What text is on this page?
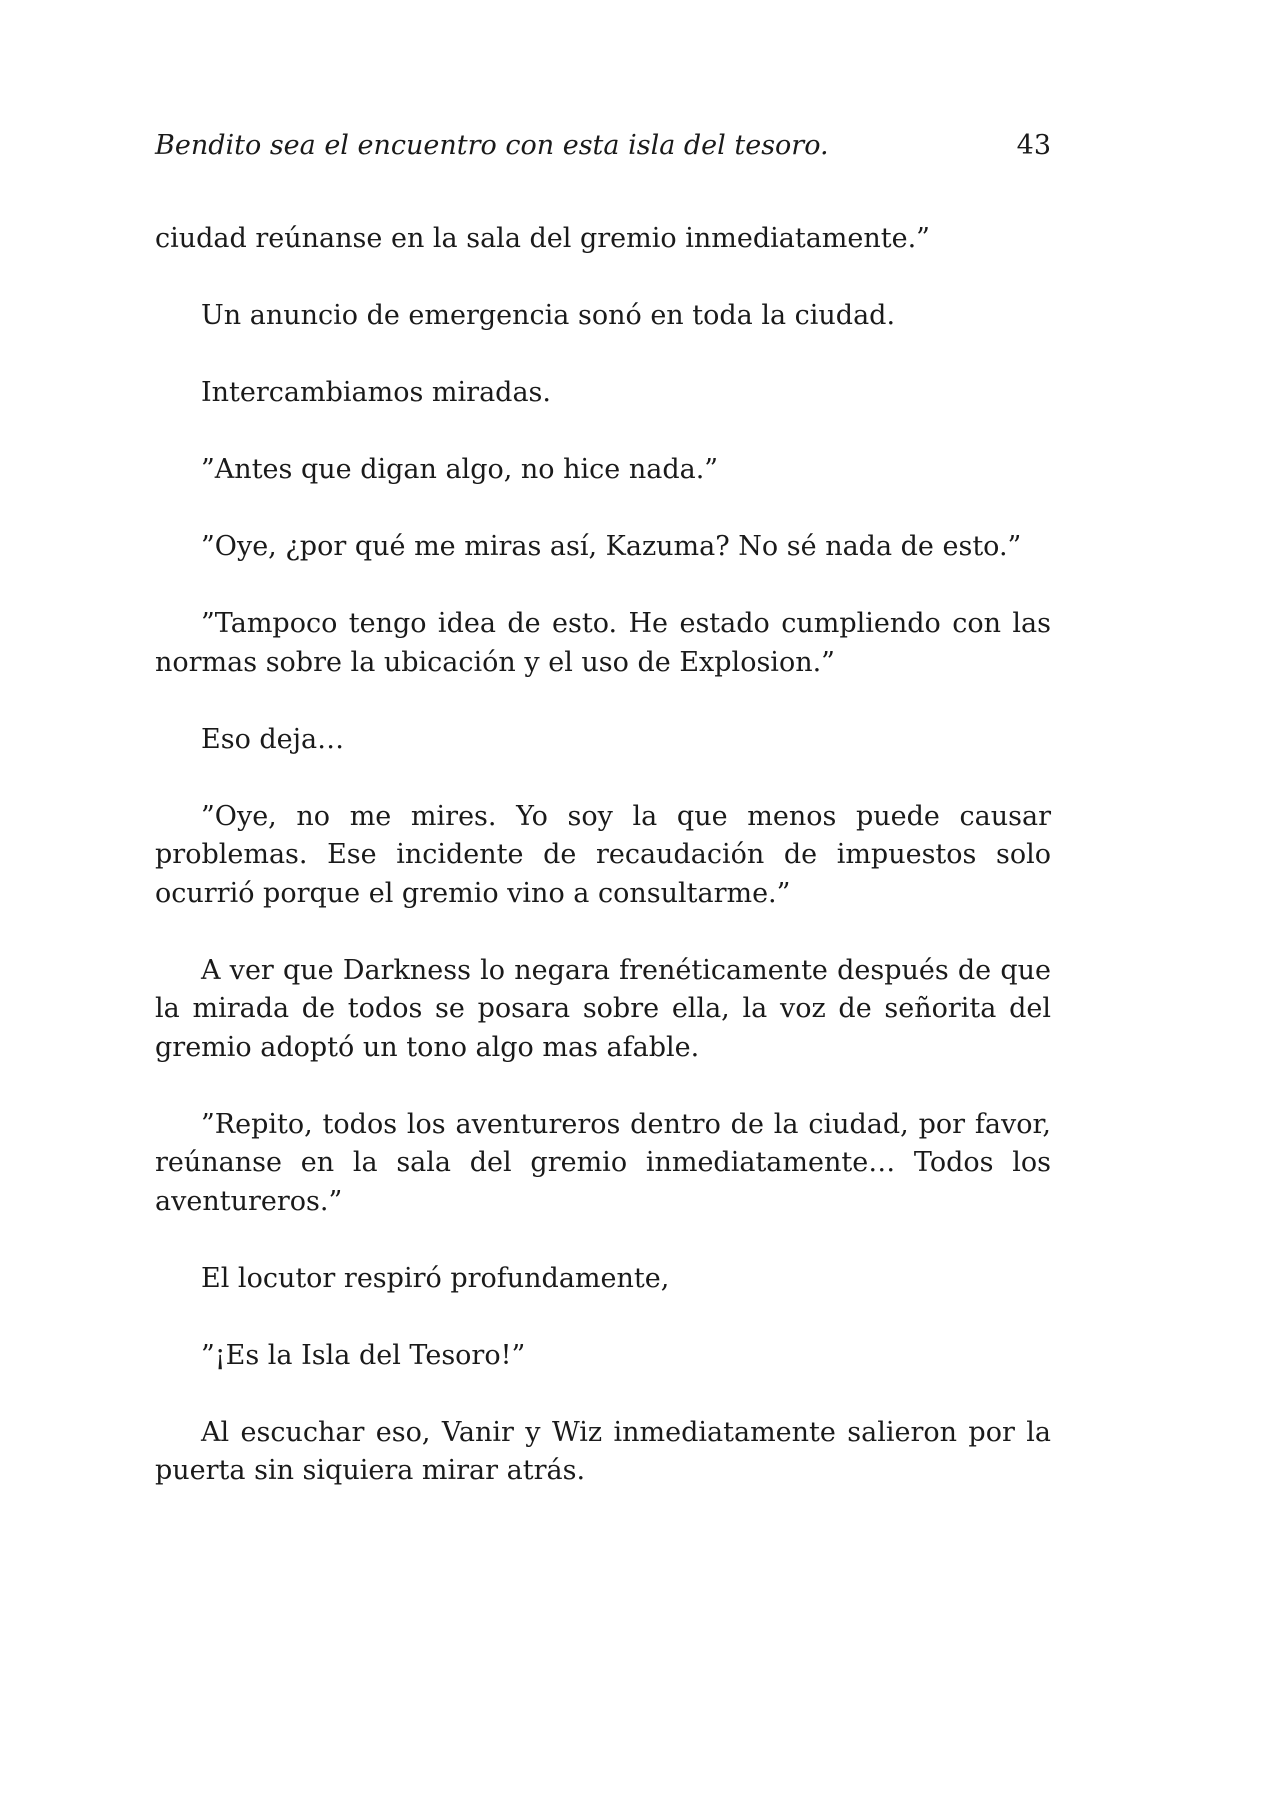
Bendito sea el encuentro con esta isla del tesoro.	43

ciudad reúnanse en la sala del gremio inmediatamente.”

Un anuncio de emergencia sonó en toda la ciudad.

Intercambiamos miradas.

”Antes que digan algo, no hice nada.”

”Oye, ¿por qué me miras así, Kazuma? No sé nada de esto.”

”Tampoco tengo idea de esto. He estado cumpliendo con las normas sobre la ubicación y el uso de Explosion.”

Eso deja…

”Oye, no me mires. Yo soy la que menos puede causar problemas. Ese incidente de recaudación de impuestos solo ocurrió porque el gremio vino a consultarme.”

A ver que Darkness lo negara frenéticamente después de que la mirada de todos se posara sobre ella, la voz de señorita del gremio adoptó un tono algo mas afable.

”Repito, todos los aventureros dentro de la ciudad, por favor, reúnanse en la sala del gremio inmediatamente… Todos los aventureros.”

El locutor respiró profundamente,

”¡Es la Isla del Tesoro!”

Al escuchar eso, Vanir y Wiz inmediatamente salieron por la puerta sin siquiera mirar atrás.
